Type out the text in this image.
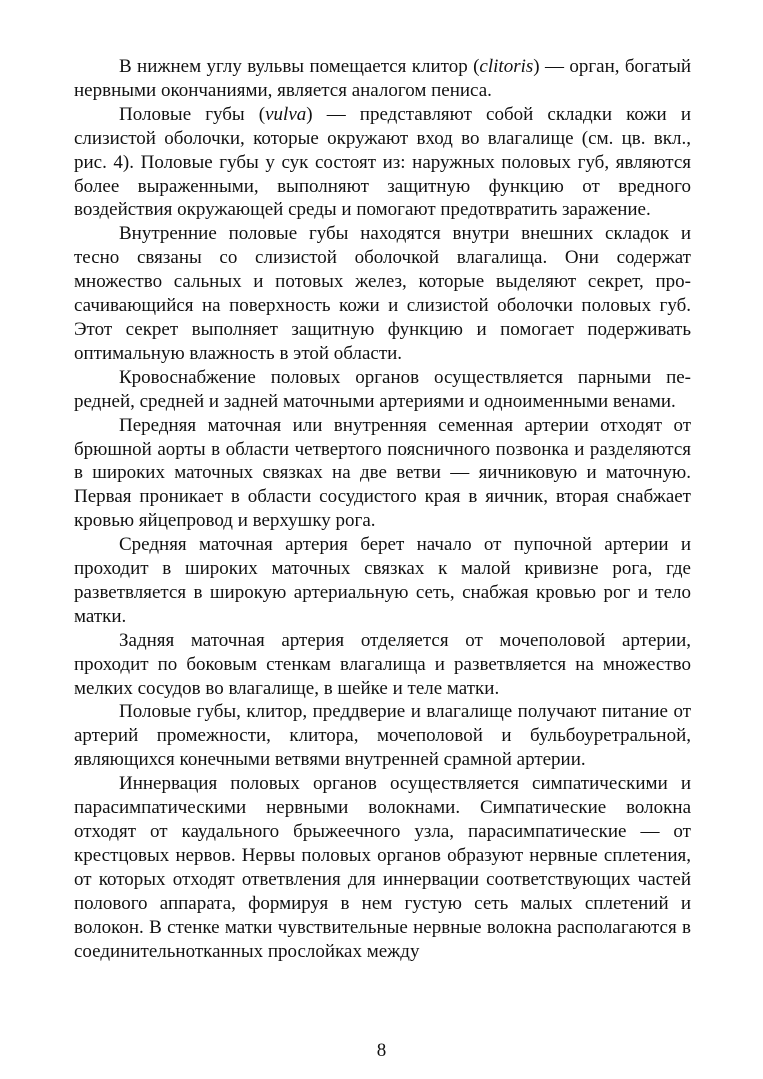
В нижнем углу вульвы помещается клитор (clitoris) — орган, богатый нервными окончаниями, является аналогом пениса.

Половые губы (vulva) — представляют собой складки кожи и слизистой оболочки, которые окружают вход во влагалище (см. цв. вкл., рис. 4). Половые губы у сук состоят из: наружных половых губ, являются более выраженными, выполняют защитную функцию от вредного воздействия окружающей среды и помогают предотвратить заражение.

Внутренние половые губы находятся внутри внешних складок и тесно связаны со слизистой оболочкой влагалища. Они содержат множество сальных и потовых желез, которые выделяют секрет, просачивающийся на поверхность кожи и слизистой оболочки половых губ. Этот секрет выполняет защитную функцию и помогает подерживать оптимальную влажность в этой области.

Кровоснабжение половых органов осуществляется парными передней, средней и задней маточными артериями и одноименными венами.

Передняя маточная или внутренняя семенная артерии отходят от брюшной аорты в области четвертого поясничного позвонка и разделяются в широких маточных связках на две ветви — яичниковую и маточную. Первая проникает в области сосудистого края в яичник, вторая снабжает кровью яйцепровод и верхушку рога.

Средняя маточная артерия берет начало от пупочной артерии и проходит в широких маточных связках к малой кривизне рога, где разветвляется в широкую артериальную сеть, снабжая кровью рог и тело матки.

Задняя маточная артерия отделяется от мочеполовой артерии, проходит по боковым стенкам влагалища и разветвляется на множество мелких сосудов во влагалище, в шейке и теле матки.

Половые губы, клитор, преддверие и влагалище получают питание от артерий промежности, клитора, мочеполовой и бульбоуретральной, являющихся конечными ветвями внутренней срамной артерии.

Иннервация половых органов осуществляется симпатическими и парасимпатическими нервными волокнами. Симпатические волокна отходят от каудального брыжеечного узла, парасимпатические — от крестцовых нервов. Нервы половых органов образуют нервные сплетения, от которых отходят ответвления для иннервации соответствующих частей полового аппарата, формируя в нем густую сеть малых сплетений и волокон. В стенке матки чувствительные нервные волокна располагаются в соединительнотканных прослойках между

8
